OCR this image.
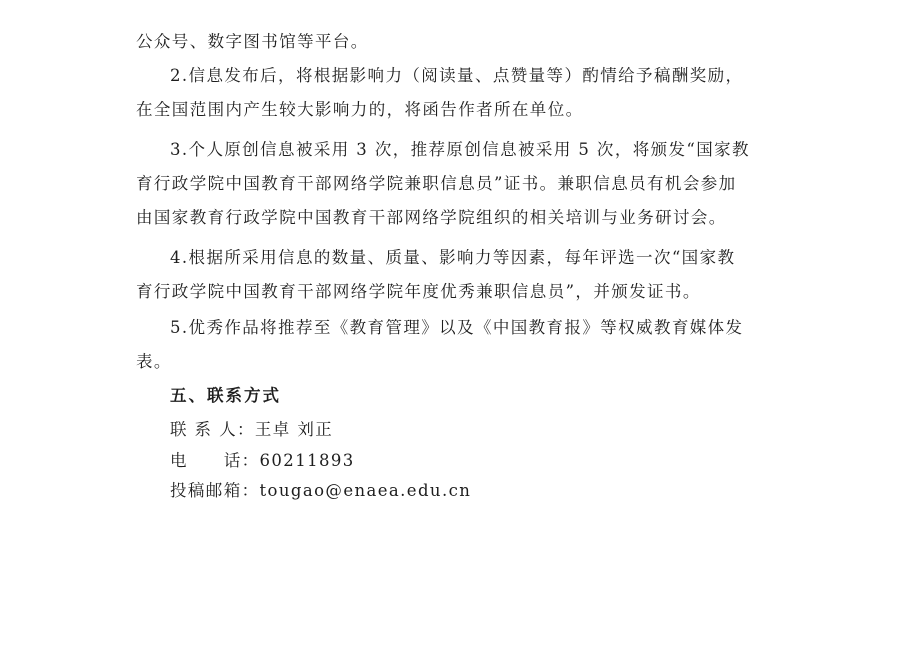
公众号、数字图书馆等平台。
2.信息发布后，将根据影响力（阅读量、点赞量等）酌情给予稿酬奖励，
在全国范围内产生较大影响力的，将函告作者所在单位。
3.个人原创信息被采用 3 次，推荐原创信息被采用 5 次，将颁发“国家教
育行政学院中国教育干部网络学院兼职信息员”证书。兼职信息员有机会参加
由国家教育行政学院中国教育干部网络学院组织的相关培训与业务研讨会。
4.根据所采用信息的数量、质量、影响力等因素，每年评选一次“国家教
育行政学院中国教育干部网络学院年度优秀兼职信息员”，并颁发证书。
5.优秀作品将推荐至《教育管理》以及《中国教育报》等权威教育媒体发
表。
五、联系方式
联 系 人：王卓 刘正
电　　话：60211893
投稿邮箱：tougao@enaea.edu.cn
